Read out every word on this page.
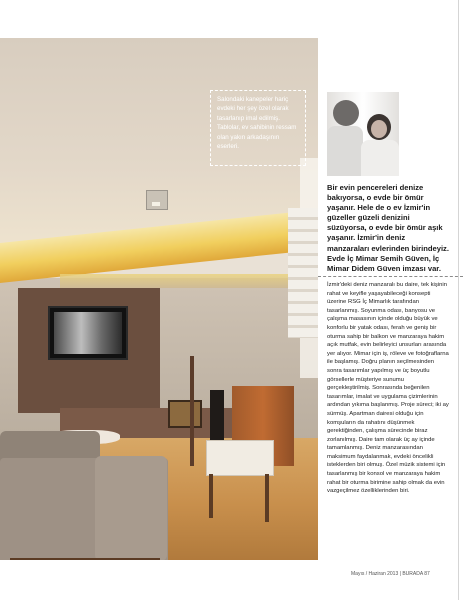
Salondaki kanepeler hariç evdeki her şey özel olarak tasarlanıp imal edilmiş. Tablolar, ev sahibinin ressam olan yakın arkadaşının eserleri.

Bir evin pencereleri denize bakıyorsa, o evde bir ömür yaşanır. Hele de o ev İzmir'in güzeller güzeli denizini süzüyorsa, o evde bir ömür aşık yaşanır. İzmir'in deniz manzaraları evlerinden birindeyiz. Evde İç Mimar Semih Güven, İç Mimar Didem Güven imzası var.

İzmir'deki deniz manzaralı bu daire, tek kişinin rahat ve keyifle yaşayabileceği konsepti üzerine RSG İç Mimarlık tarafından tasarlanmış. Soyunma odası, banyosu ve çalışma masasının içinde olduğu büyük ve konforlu bir yatak odası, ferah ve geniş bir oturma sahip bir balkon ve manzaraya hakim açık mutfak, evin belirleyici unsurları arasında yer alıyor. Mimar için iş, rölevе ve fotoğraflarna ile başlamış. Doğru planın seçilmesinden sonra tasarımlar yapılmış ve üç boyutlu görsellerle müşteriye sunumu gerçekleştirilmiş. Sonrasında beğenilen tasarımlar, imalat ve uygulama çizimlerinin ardından yıkıma başlanmış. Proje süreci; iki ay sürmüş. Apartman dairesi olduğu için komşuların da rahatını düşünmek gerektiğinden, çalışma sürecinde biraz zorlanılmış. Daire tam olarak üç ay içinde tamamlanmış. Deniz manzarasından maksimum faydalanmak, evdeki öncelikli isteklerden biri olmuş. Özel müzik sistemi için tasarlanmış bir konsol ve manzaraya hakim rahat bir oturma birimine sahip olmak da evin vazgeçilmez özelliklerinden biri.

Mayıs / Haziran 2013 | BURADA 87
